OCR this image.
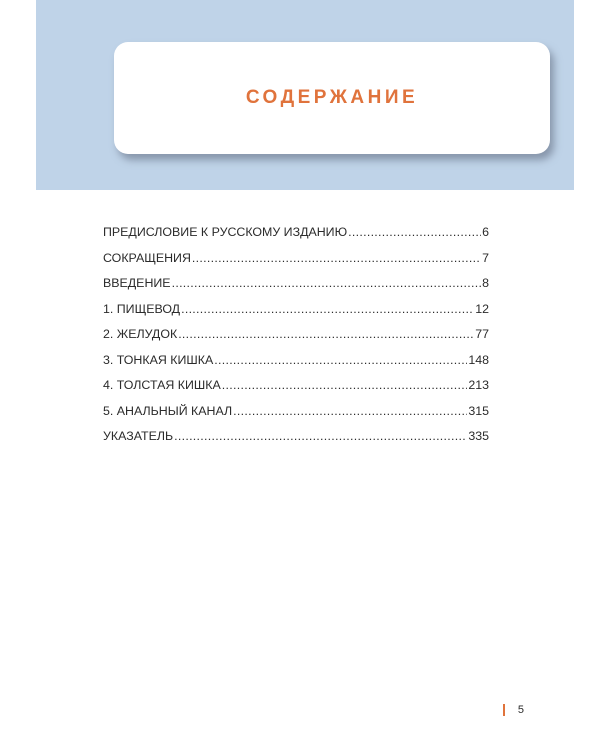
СОДЕРЖАНИЕ
ПРЕДИСЛОВИЕ К РУССКОМУ ИЗДАНИЮ .....	6
СОКРАЩЕНИЯ .....	7
ВВЕДЕНИЕ .....	8
1. ПИЩЕВОД .....	12
2. ЖЕЛУДОК .....	77
3. ТОНКАЯ КИШКА .....	148
4. ТОЛСТАЯ КИШКА .....	213
5. АНАЛЬНЫЙ КАНАЛ .....	315
УКАЗАТЕЛЬ .....	335
5
